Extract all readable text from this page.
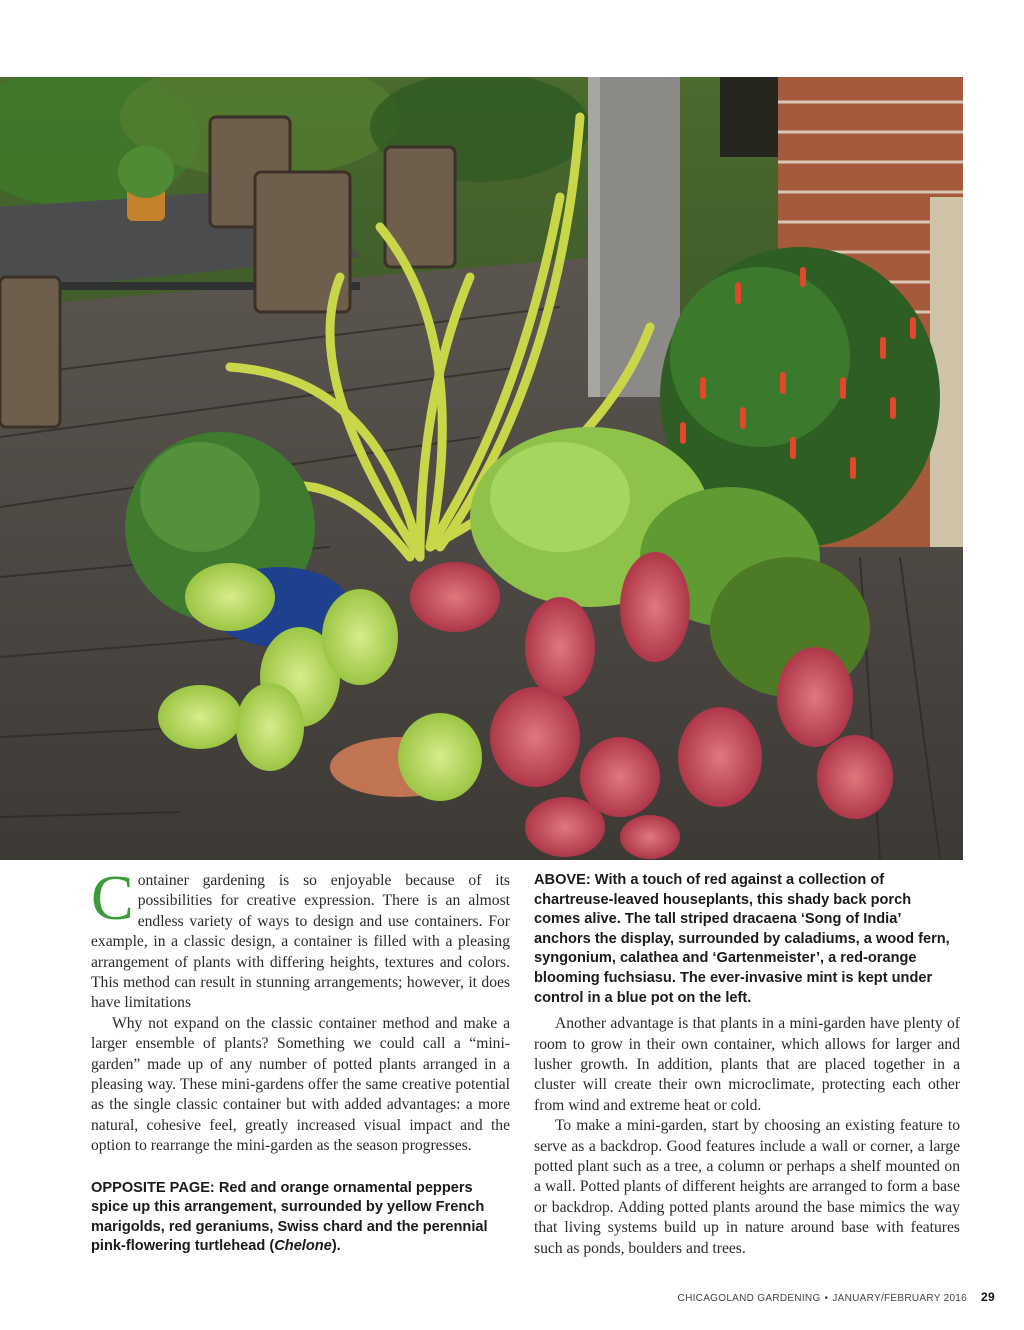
Container gardening is so enjoyable because of its possibilities for creative expression. There is an almost endless variety of ways to design and use containers. For example, in a classic design, a container is filled with a pleasing arrangement of plants with differing heights, textures and colors. This method can result in stunning arrangements; however, it does have limitations

Why not expand on the classic container method and make a larger ensemble of plants? Something we could call a “mini-garden” made up of any number of potted plants arranged in a pleasing way. These mini-gardens offer the same creative potential as the single classic container but with added advantages: a more natural, cohesive feel, greatly increased visual impact and the option to rearrange the mini-garden as the season progresses.

OPPOSITE PAGE: Red and orange ornamental peppers spice up this arrangement, surrounded by yellow French marigolds, red geraniums, Swiss chard and the perennial pink-flowering turtlehead (Chelone).
ABOVE: With a touch of red against a collection of chartreuse-leaved houseplants, this shady back porch comes alive. The tall striped dracaena ‘Song of India’ anchors the display, surrounded by caladiums, a wood fern, syngonium, calathea and ‘Gartenmeister’, a red-orange blooming fuchsiasu. The ever-invasive mint is kept under control in a blue pot on the left.

Another advantage is that plants in a mini-garden have plenty of room to grow in their own container, which allows for larger and lusher growth. In addition, plants that are placed together in a cluster will create their own microclimate, protecting each other from wind and extreme heat or cold.

To make a mini-garden, start by choosing an existing feature to serve as a backdrop. Good features include a wall or corner, a large potted plant such as a tree, a column or perhaps a shelf mounted on a wall. Potted plants of different heights are arranged to form a base or backdrop. Adding potted plants around the base mimics the way that living systems build up in nature around base with features such as ponds, boulders and trees.

CHICAGOLAND GARDENING • JANUARY/FEBRUARY 2016 29
